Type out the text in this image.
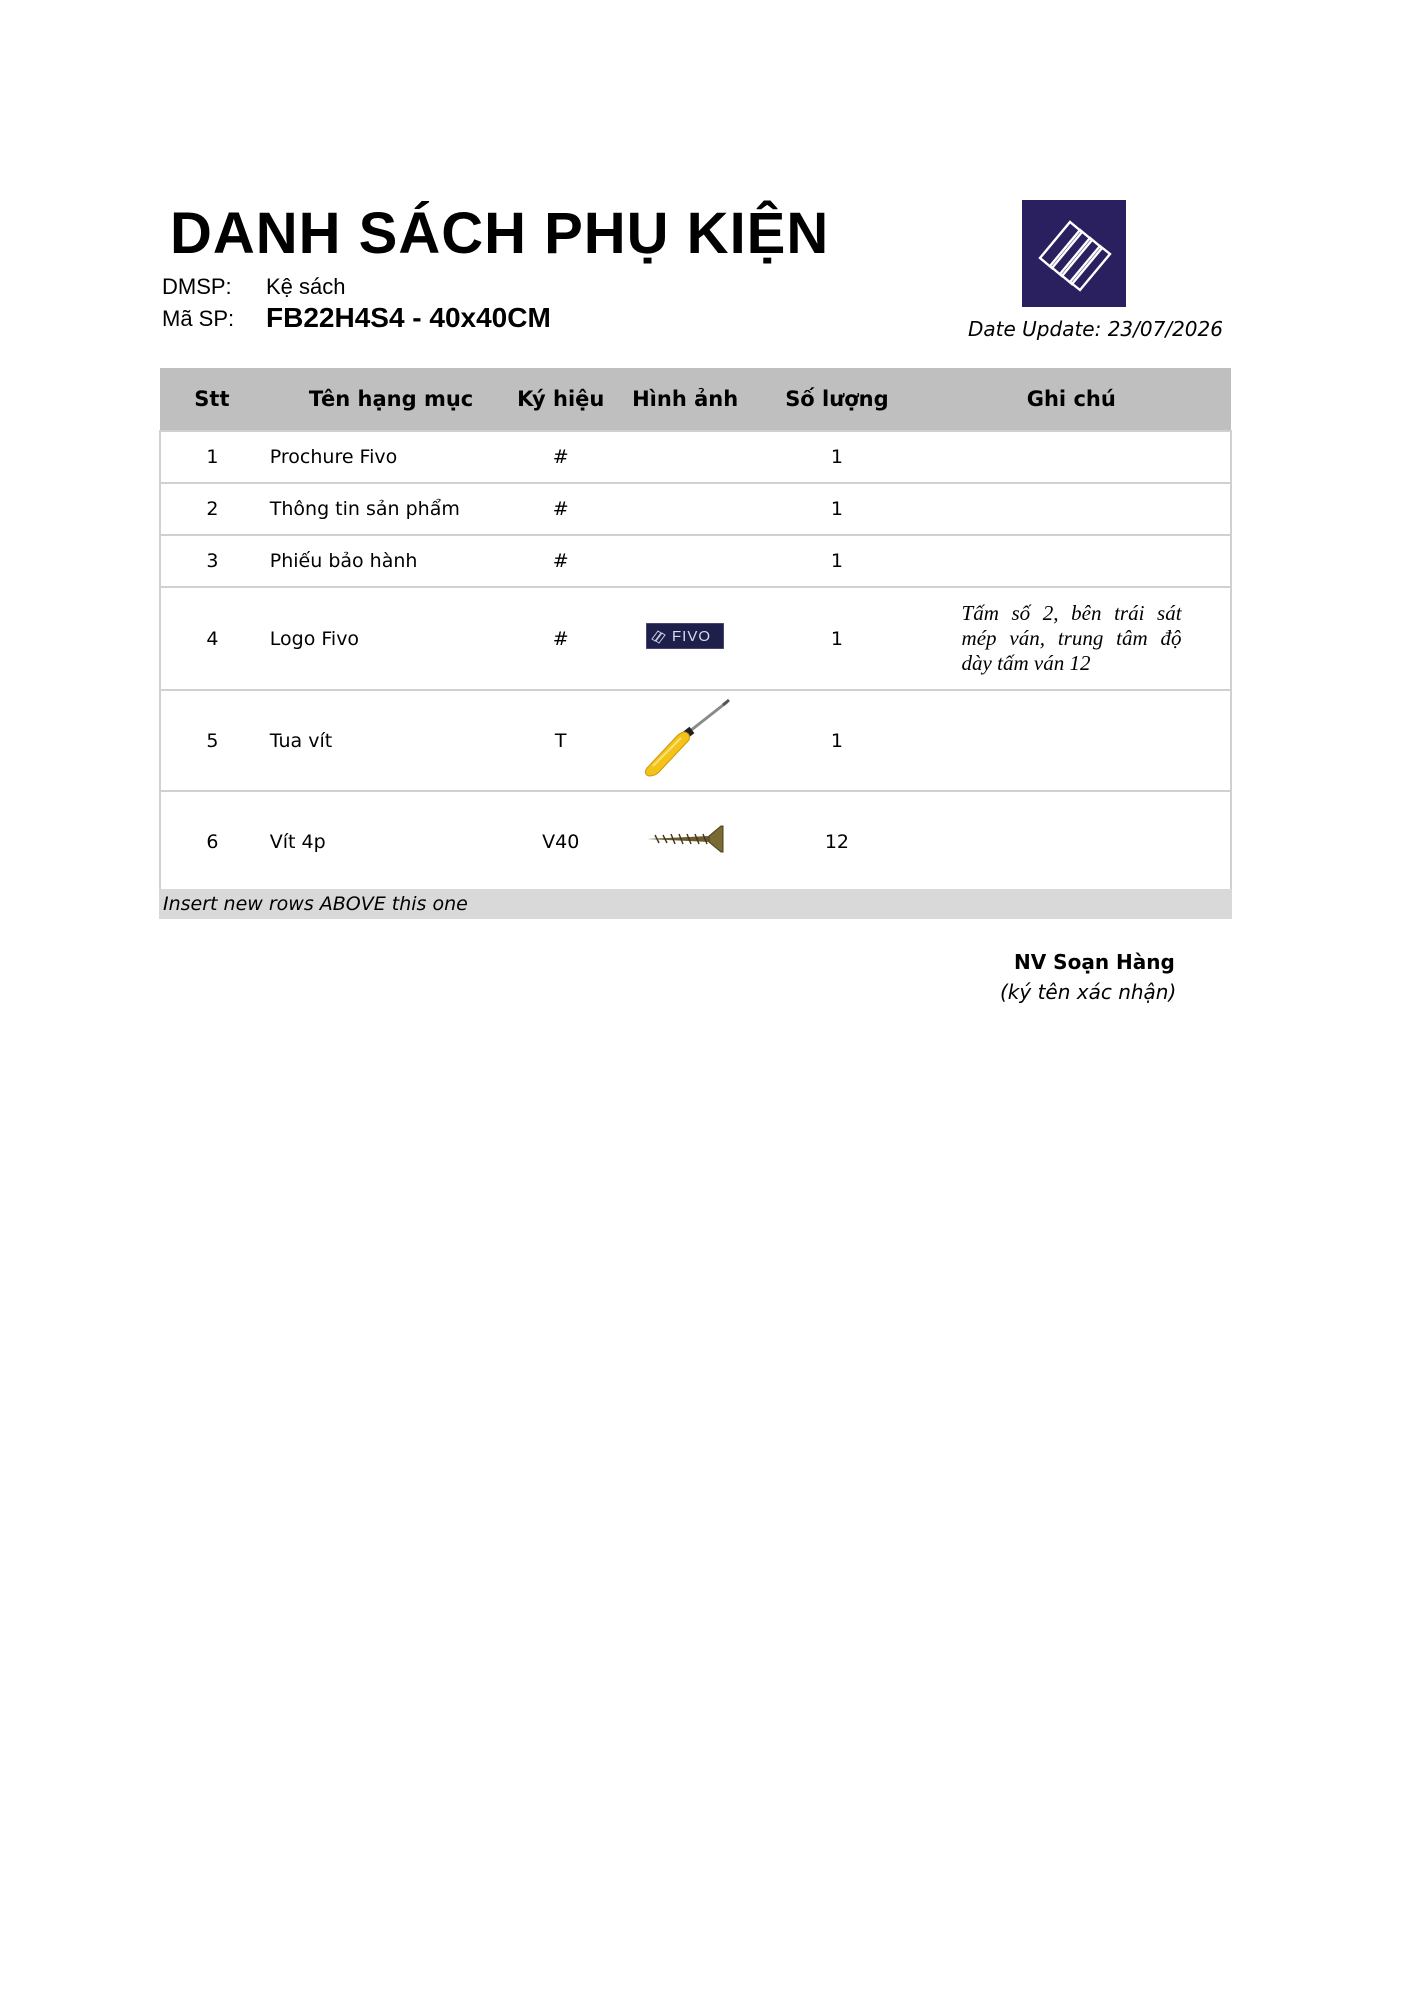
DANH SÁCH PHỤ KIỆN
DMSP: Kệ sách
Mã SP: FB22H4S4 - 40x40CM	Date Update: 23/07/2026
Stt	Tên hạng mục	Ký hiệu	Hình ảnh	Số lượng	Ghi chú
1	Prochure Fivo	#		1	
2	Thông tin sản phẩm	#		1	
3	Phiếu bảo hành	#		1	
4	Logo Fivo	#	FIVO	1	Tấm số 2, bên trái sát mép ván, trung tâm độ dày tấm ván 12

5	Tua vít	T		1	
6	Vít 4p	V40		12	
Insert new rows ABOVE this one
NV Soạn Hàng
(ký tên xác nhận)
